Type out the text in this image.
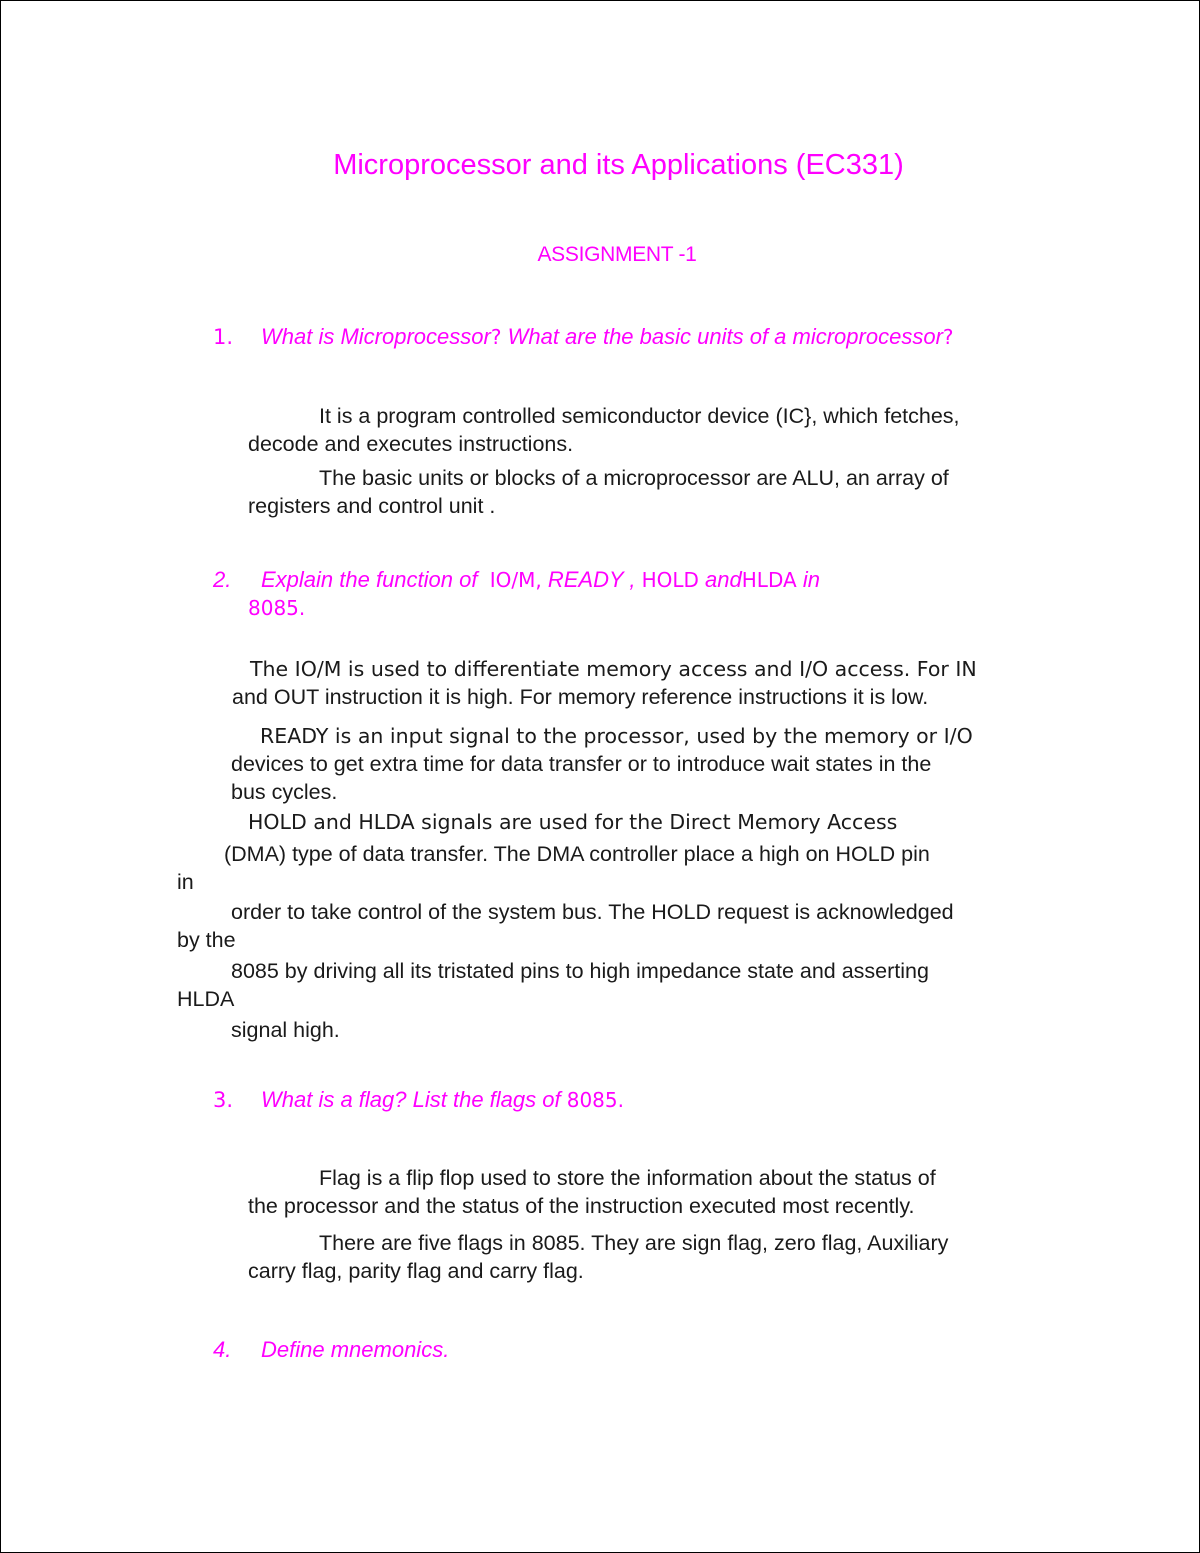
Microprocessor and its Applications (EC331)
ASSIGNMENT -1
1. What is Microprocessor? What are the basic units of a microprocessor?

It is a program controlled semiconductor device (IC}, which fetches,

decode and executes instructions.

The basic units or blocks of a microprocessor are ALU, an array of

registers and control unit .

2. Explain the function of IO/M, READY , HOLD andHLDA in
8085.

The IO/M is used to differentiate memory access and I/O access. For IN

and OUT instruction it is high. For memory reference instructions it is low.

READY is an input signal to the processor, used by the memory or I/O

devices to get extra time for data transfer or to introduce wait states in the

bus cycles.

HOLD and HLDA signals are used for the Direct Memory Access

(DMA) type of data transfer. The DMA controller place a high on HOLD pin

in

order to take control of the system bus. The HOLD request is acknowledged

by the

8085 by driving all its tristated pins to high impedance state and asserting

HLDA

signal high.

3. What is a flag? List the flags of 8085.

Flag is a flip flop used to store the information about the status of

the processor and the status of the instruction executed most recently.

There are five flags in 8085. They are sign flag, zero flag, Auxiliary

carry flag, parity flag and carry flag.

4. Define mnemonics.
